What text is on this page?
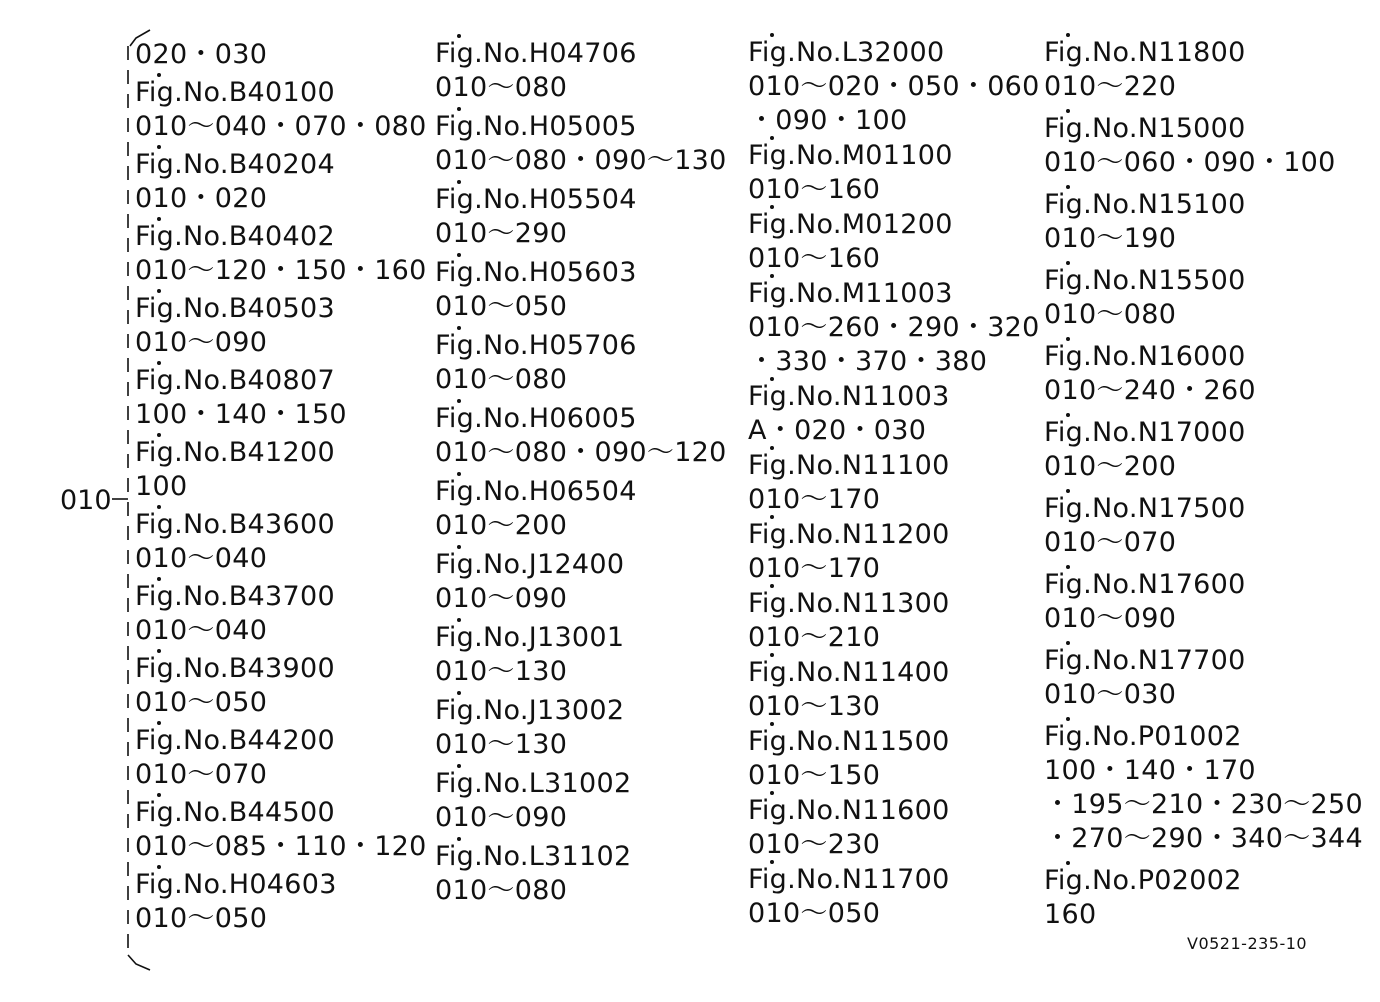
010
020・030
Fig.No.B40100
010～040・070・080
Fig.No.B40204
010・020
Fig.No.B40402
010～120・150・160
Fig.No.B40503
010～090
Fig.No.B40807
100・140・150
Fig.No.B41200
100
Fig.No.B43600
010～040
Fig.No.B43700
010～040
Fig.No.B43900
010～050
Fig.No.B44200
010～070
Fig.No.B44500
010～085・110・120
Fig.No.H04603
010～050
Fig.No.H04706
010～080
Fig.No.H05005
010～080・090～130
Fig.No.H05504
010～290
Fig.No.H05603
010～050
Fig.No.H05706
010～080
Fig.No.H06005
010～080・090～120
Fig.No.H06504
010～200
Fig.No.J12400
010～090
Fig.No.J13001
010～130
Fig.No.J13002
010～130
Fig.No.L31002
010～090
Fig.No.L31102
010～080
Fig.No.L32000
010～020・050・060
・090・100
Fig.No.M01100
010～160
Fig.No.M01200
010～160
Fig.No.M11003
010～260・290・320
・330・370・380
Fig.No.N11003
A・020・030
Fig.No.N11100
010～170
Fig.No.N11200
010～170
Fig.No.N11300
010～210
Fig.No.N11400
010～130
Fig.No.N11500
010～150
Fig.No.N11600
010～230
Fig.No.N11700
010～050
Fig.No.N11800
010～220
Fig.No.N15000
010～060・090・100
Fig.No.N15100
010～190
Fig.No.N15500
010～080
Fig.No.N16000
010～240・260
Fig.No.N17000
010～200
Fig.No.N17500
010～070
Fig.No.N17600
010～090
Fig.No.N17700
010～030
Fig.No.P01002
100・140・170
・195～210・230～250
・270～290・340～344
Fig.No.P02002
160
V0521-235-10
